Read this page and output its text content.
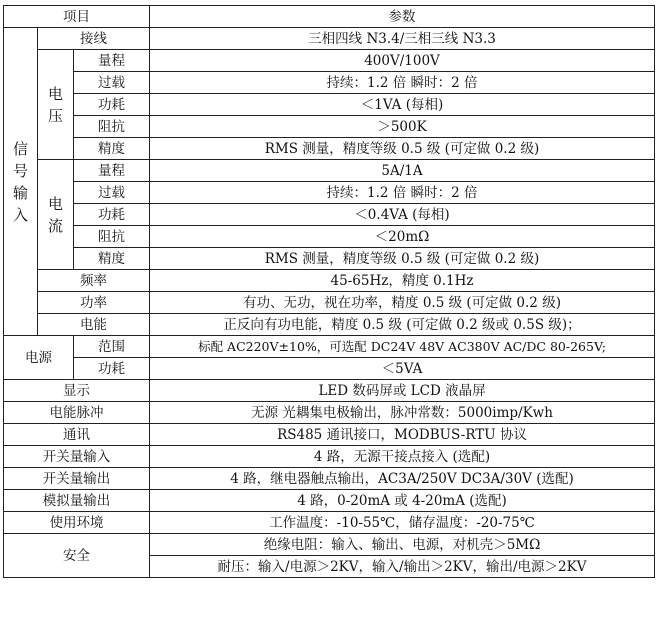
项目			参数
信号输入	接线		三相四线 N3.4/三相三线 N3.3
	电压	量程	400V/100V
		过载	持续：1.2 倍 瞬时：2 倍
		功耗	＜1VA (每相)
		阻抗	＞500K
		精度	RMS 测量，精度等级 0.5 级 (可定做 0.2 级)
	电流	量程	5A/1A
		过载	持续：1.2 倍 瞬时：2 倍
		功耗	＜0.4VA (每相)
		阻抗	＜20mΩ
		精度	RMS 测量，精度等级 0.5 级 (可定做 0.2 级)
	频率		45-65Hz，精度 0.1Hz
	功率		有功、无功，视在功率，精度 0.5 级 (可定做 0.2 级)
	电能		正反向有功电能，精度 0.5 级 (可定做 0.2 级或 0.5S 级)；
电源		范围	标配 AC220V±10%，可选配 DC24V 48V AC380V AC/DC 80-265V;
		功耗	＜5VA
显示			LED 数码屏或 LCD 液晶屏
电能脉冲			无源 光耦集电极输出，脉冲常数：5000imp/Kwh
通讯			RS485 通讯接口，MODBUS-RTU 协议
开关量输入			4 路，无源干接点接入 (选配)
开关量输出			4 路，继电器触点输出，AC3A/250V DC3A/30V (选配)
模拟量输出			4 路，0-20mA 或 4-20mA (选配)
使用环境			工作温度：-10-55℃，储存温度：-20-75℃
安全			绝缘电阻：输入、输出、电源，对机壳＞5MΩ
			耐压：输入/电源＞2KV，输入/输出＞2KV，输出/电源＞2KV
